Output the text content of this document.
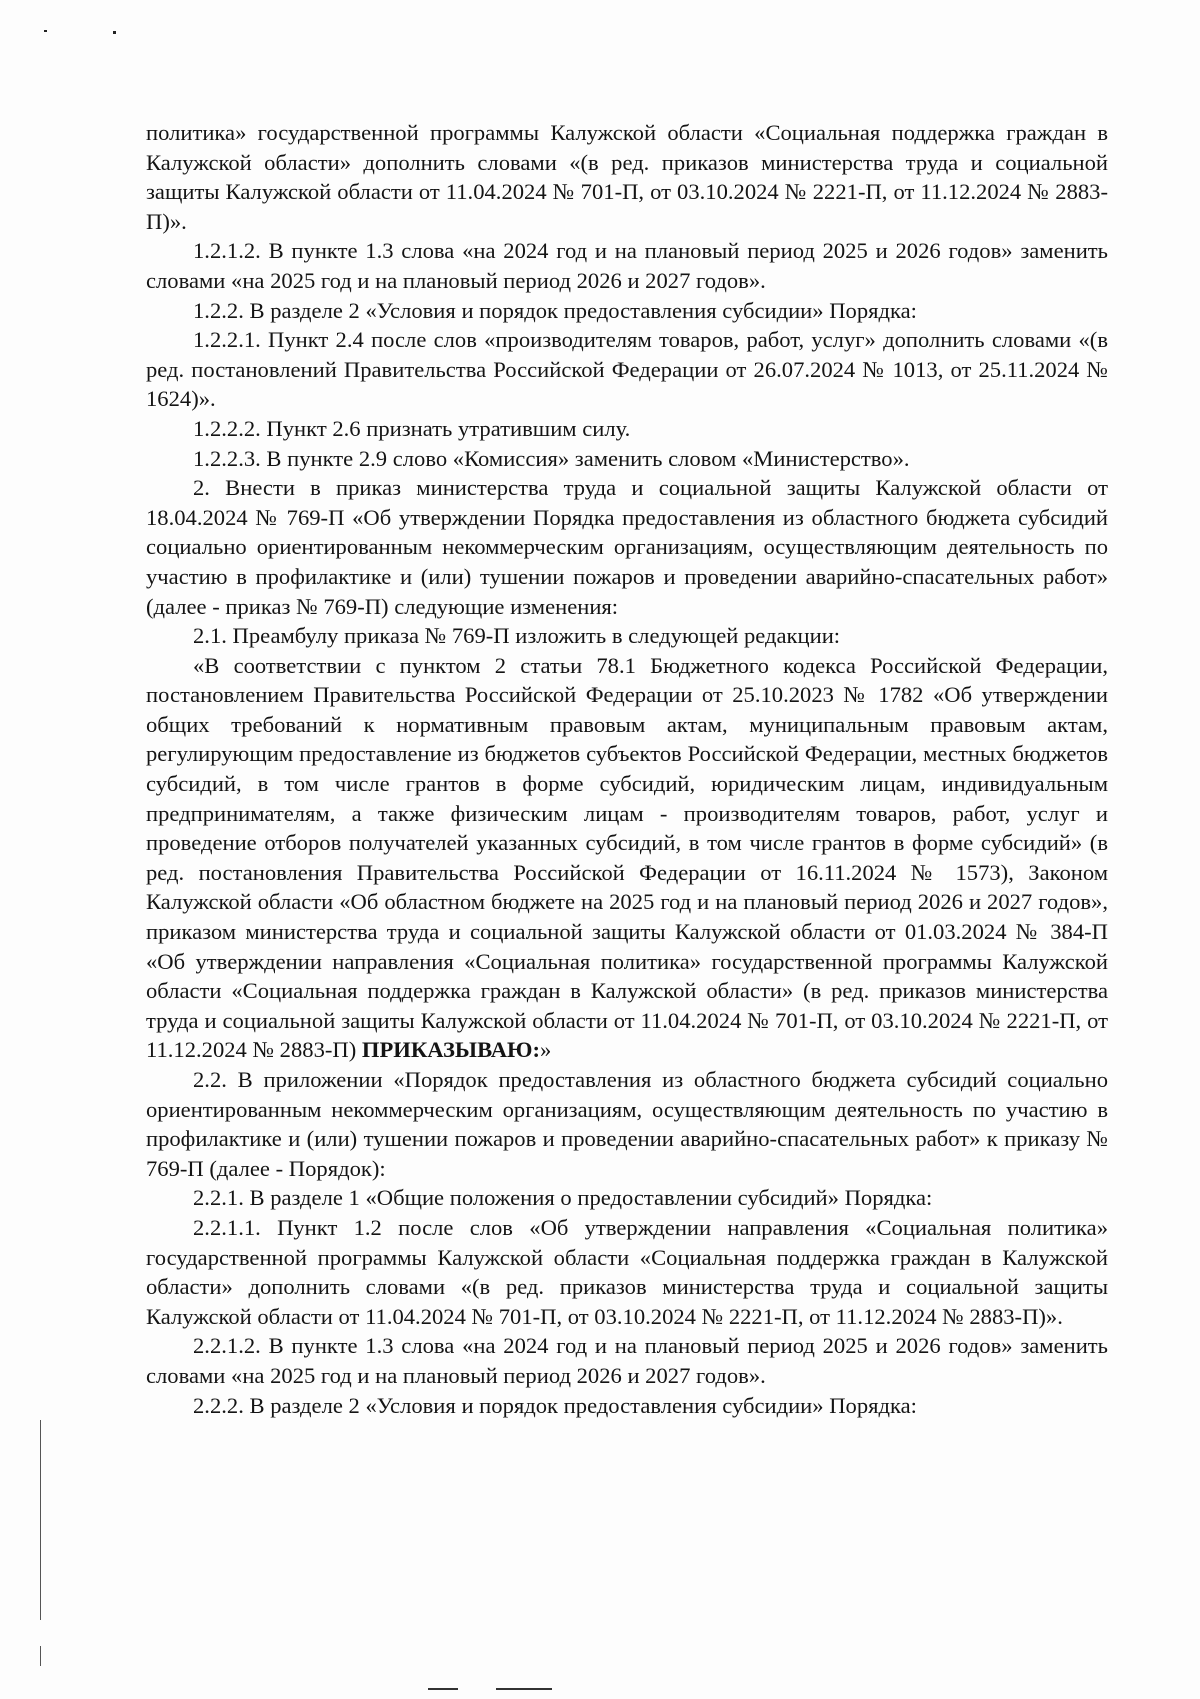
политика» государственной программы Калужской области «Социальная поддержка граждан в Калужской области» дополнить словами «(в ред. приказов министерства труда и социальной защиты Калужской области от 11.04.2024 № 701-П, от 03.10.2024 № 2221-П, от 11.12.2024 № 2883-П)».

1.2.1.2. В пункте 1.3 слова «на 2024 год и на плановый период 2025 и 2026 годов» заменить словами «на 2025 год и на плановый период 2026 и 2027 годов».

1.2.2. В разделе 2 «Условия и порядок предоставления субсидии» Порядка:

1.2.2.1. Пункт 2.4 после слов «производителям товаров, работ, услуг» дополнить словами «(в ред. постановлений Правительства Российской Федерации от 26.07.2024 № 1013, от 25.11.2024 № 1624)».

1.2.2.2. Пункт 2.6 признать утратившим силу.

1.2.2.3. В пункте 2.9 слово «Комиссия» заменить словом «Министерство».

2. Внести в приказ министерства труда и социальной защиты Калужской области от 18.04.2024 № 769-П «Об утверждении Порядка предоставления из областного бюджета субсидий социально ориентированным некоммерческим организациям, осуществляющим деятельность по участию в профилактике и (или) тушении пожаров и проведении аварийно-спасательных работ» (далее - приказ № 769-П) следующие изменения:

2.1. Преамбулу приказа № 769-П изложить в следующей редакции:

«В соответствии с пунктом 2 статьи 78.1 Бюджетного кодекса Российской Федерации, постановлением Правительства Российской Федерации от 25.10.2023 № 1782 «Об утверждении общих требований к нормативным правовым актам, муниципальным правовым актам, регулирующим предоставление из бюджетов субъектов Российской Федерации, местных бюджетов субсидий, в том числе грантов в форме субсидий, юридическим лицам, индивидуальным предпринимателям, а также физическим лицам - производителям товаров, работ, услуг и проведение отборов получателей указанных субсидий, в том числе грантов в форме субсидий» (в ред. постановления Правительства Российской Федерации от 16.11.2024 № 1573), Законом Калужской области «Об областном бюджете на 2025 год и на плановый период 2026 и 2027 годов», приказом министерства труда и социальной защиты Калужской области от 01.03.2024 № 384-П «Об утверждении направления «Социальная политика» государственной программы Калужской области «Социальная поддержка граждан в Калужской области» (в ред. приказов министерства труда и социальной защиты Калужской области от 11.04.2024 № 701-П, от 03.10.2024 № 2221-П, от 11.12.2024 № 2883-П) ПРИКАЗЫВАЮ:»

2.2. В приложении «Порядок предоставления из областного бюджета субсидий социально ориентированным некоммерческим организациям, осуществляющим деятельность по участию в профилактике и (или) тушении пожаров и проведении аварийно-спасательных работ» к приказу № 769-П (далее - Порядок):

2.2.1. В разделе 1 «Общие положения о предоставлении субсидий» Порядка:

2.2.1.1. Пункт 1.2 после слов «Об утверждении направления «Социальная политика» государственной программы Калужской области «Социальная поддержка граждан в Калужской области» дополнить словами «(в ред. приказов министерства труда и социальной защиты Калужской области от 11.04.2024 № 701-П, от 03.10.2024 № 2221-П, от 11.12.2024 № 2883-П)».

2.2.1.2. В пункте 1.3 слова «на 2024 год и на плановый период 2025 и 2026 годов» заменить словами «на 2025 год и на плановый период 2026 и 2027 годов».

2.2.2. В разделе 2 «Условия и порядок предоставления субсидии» Порядка:
